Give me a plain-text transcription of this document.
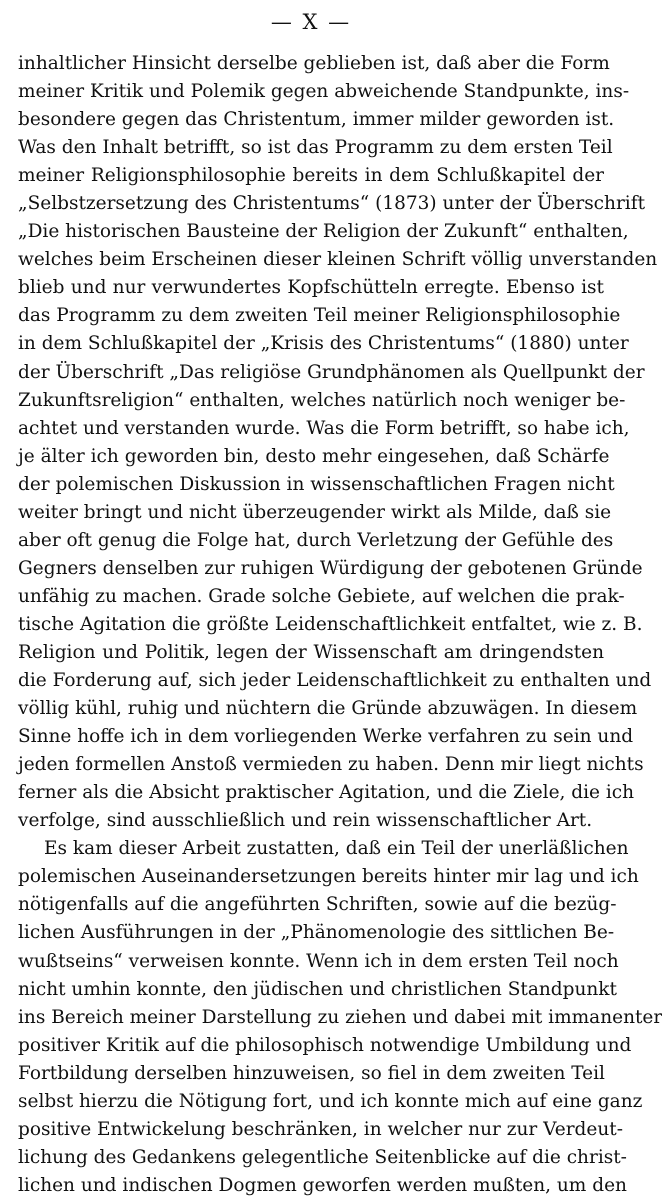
— X —
inhaltlicher Hinsicht derselbe geblieben ist, daß aber die Form
meiner Kritik und Polemik gegen abweichende Standpunkte, ins-
besondere gegen das Christentum, immer milder geworden ist.
Was den Inhalt betrifft, so ist das Programm zu dem ersten Teil
meiner Religionsphilosophie bereits in dem Schlußkapitel der
„Selbstzersetzung des Christentums“ (1873) unter der Überschrift
„Die historischen Bausteine der Religion der Zukunft“ enthalten,
welches beim Erscheinen dieser kleinen Schrift völlig unverstanden
blieb und nur verwundertes Kopfschütteln erregte. Ebenso ist
das Programm zu dem zweiten Teil meiner Religionsphilosophie
in dem Schlußkapitel der „Krisis des Christentums“ (1880) unter
der Überschrift „Das religiöse Grundphänomen als Quellpunkt der
Zukunftsreligion“ enthalten, welches natürlich noch weniger be-
achtet und verstanden wurde. Was die Form betrifft, so habe ich,
je älter ich geworden bin, desto mehr eingesehen, daß Schärfe
der polemischen Diskussion in wissenschaftlichen Fragen nicht
weiter bringt und nicht überzeugender wirkt als Milde, daß sie
aber oft genug die Folge hat, durch Verletzung der Gefühle des
Gegners denselben zur ruhigen Würdigung der gebotenen Gründe
unfähig zu machen. Grade solche Gebiete, auf welchen die prak-
tische Agitation die größte Leidenschaftlichkeit entfaltet, wie z. B.
Religion und Politik, legen der Wissenschaft am dringendsten
die Forderung auf, sich jeder Leidenschaftlichkeit zu enthalten und
völlig kühl, ruhig und nüchtern die Gründe abzuwägen. In diesem
Sinne hoffe ich in dem vorliegenden Werke verfahren zu sein und
jeden formellen Anstoß vermieden zu haben. Denn mir liegt nichts
ferner als die Absicht praktischer Agitation, und die Ziele, die ich
verfolge, sind ausschließlich und rein wissenschaftlicher Art.
Es kam dieser Arbeit zustatten, daß ein Teil der unerläßlichen
polemischen Auseinandersetzungen bereits hinter mir lag und ich
nötigenfalls auf die angeführten Schriften, sowie auf die bezüg-
lichen Ausführungen in der „Phänomenologie des sittlichen Be-
wußtseins“ verweisen konnte. Wenn ich in dem ersten Teil noch
nicht umhin konnte, den jüdischen und christlichen Standpunkt
ins Bereich meiner Darstellung zu ziehen und dabei mit immanenter
positiver Kritik auf die philosophisch notwendige Umbildung und
Fortbildung derselben hinzuweisen, so fiel in dem zweiten Teil
selbst hierzu die Nötigung fort, und ich konnte mich auf eine ganz
positive Entwickelung beschränken, in welcher nur zur Verdeut-
lichung des Gedankens gelegentliche Seitenblicke auf die christ-
lichen und indischen Dogmen geworfen werden mußten, um den
